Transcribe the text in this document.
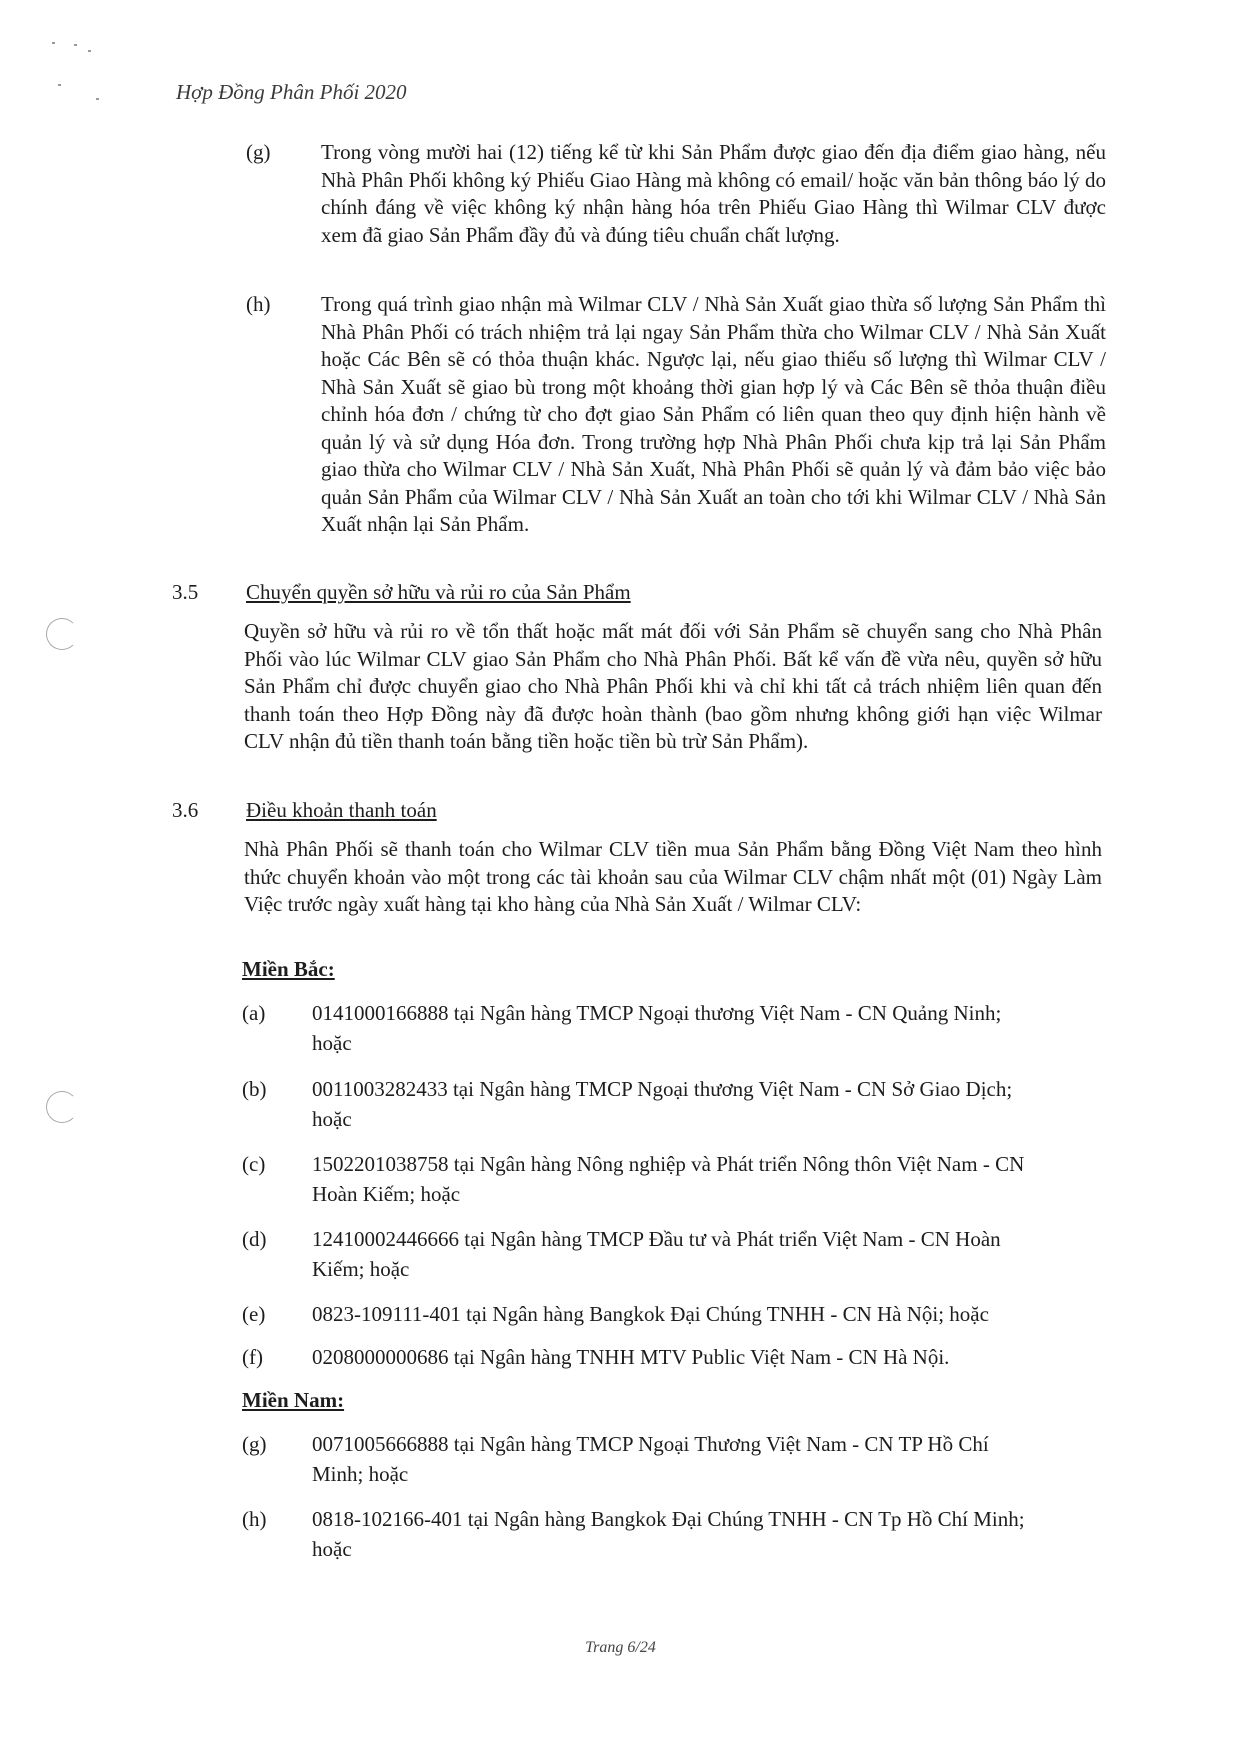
Hợp Đồng Phân Phối 2020
(g) Trong vòng mười hai (12) tiếng kể từ khi Sản Phẩm được giao đến địa điểm giao hàng, nếu Nhà Phân Phối không ký Phiếu Giao Hàng mà không có email/ hoặc văn bản thông báo lý do chính đáng về việc không ký nhận hàng hóa trên Phiếu Giao Hàng thì Wilmar CLV được xem đã giao Sản Phẩm đầy đủ và đúng tiêu chuẩn chất lượng.
(h) Trong quá trình giao nhận mà Wilmar CLV / Nhà Sản Xuất giao thừa số lượng Sản Phẩm thì Nhà Phân Phối có trách nhiệm trả lại ngay Sản Phẩm thừa cho Wilmar CLV / Nhà Sản Xuất hoặc Các Bên sẽ có thỏa thuận khác. Ngược lại, nếu giao thiếu số lượng thì Wilmar CLV / Nhà Sản Xuất sẽ giao bù trong một khoảng thời gian hợp lý và Các Bên sẽ thỏa thuận điều chỉnh hóa đơn / chứng từ cho đợt giao Sản Phẩm có liên quan theo quy định hiện hành về quản lý và sử dụng Hóa đơn. Trong trường hợp Nhà Phân Phối chưa kịp trả lại Sản Phẩm giao thừa cho Wilmar CLV / Nhà Sản Xuất, Nhà Phân Phối sẽ quản lý và đảm bảo việc bảo quản Sản Phẩm của Wilmar CLV / Nhà Sản Xuất an toàn cho tới khi Wilmar CLV / Nhà Sản Xuất nhận lại Sản Phẩm.
3.5 Chuyển quyền sở hữu và rủi ro của Sản Phẩm
Quyền sở hữu và rủi ro về tổn thất hoặc mất mát đối với Sản Phẩm sẽ chuyển sang cho Nhà Phân Phối vào lúc Wilmar CLV giao Sản Phẩm cho Nhà Phân Phối. Bất kể vấn đề vừa nêu, quyền sở hữu Sản Phẩm chỉ được chuyển giao cho Nhà Phân Phối khi và chỉ khi tất cả trách nhiệm liên quan đến thanh toán theo Hợp Đồng này đã được hoàn thành (bao gồm nhưng không giới hạn việc Wilmar CLV nhận đủ tiền thanh toán bằng tiền hoặc tiền bù trừ Sản Phẩm).
3.6 Điều khoản thanh toán
Nhà Phân Phối sẽ thanh toán cho Wilmar CLV tiền mua Sản Phẩm bằng Đồng Việt Nam theo hình thức chuyển khoản vào một trong các tài khoản sau của Wilmar CLV chậm nhất một (01) Ngày Làm Việc trước ngày xuất hàng tại kho hàng của Nhà Sản Xuất / Wilmar CLV:
Miền Bắc:
(a) 0141000166888 tại Ngân hàng TMCP Ngoại thương Việt Nam - CN Quảng Ninh;
hoặc
(b) 0011003282433 tại Ngân hàng TMCP Ngoại thương Việt Nam - CN Sở Giao Dịch;
hoặc
(c) 1502201038758 tại Ngân hàng Nông nghiệp và Phát triển Nông thôn Việt Nam - CN
Hoàn Kiếm; hoặc
(d) 12410002446666 tại Ngân hàng TMCP Đầu tư và Phát triển Việt Nam - CN Hoàn
Kiếm; hoặc
(e) 0823-109111-401 tại Ngân hàng Bangkok Đại Chúng TNHH - CN Hà Nội; hoặc
(f) 0208000000686 tại Ngân hàng TNHH MTV Public Việt Nam - CN Hà Nội.
Miền Nam:
(g) 0071005666888 tại Ngân hàng TMCP Ngoại Thương Việt Nam - CN TP Hồ Chí
Minh; hoặc
(h) 0818-102166-401 tại Ngân hàng Bangkok Đại Chúng TNHH - CN Tp Hồ Chí Minh;
hoặc
Trang 6/24
